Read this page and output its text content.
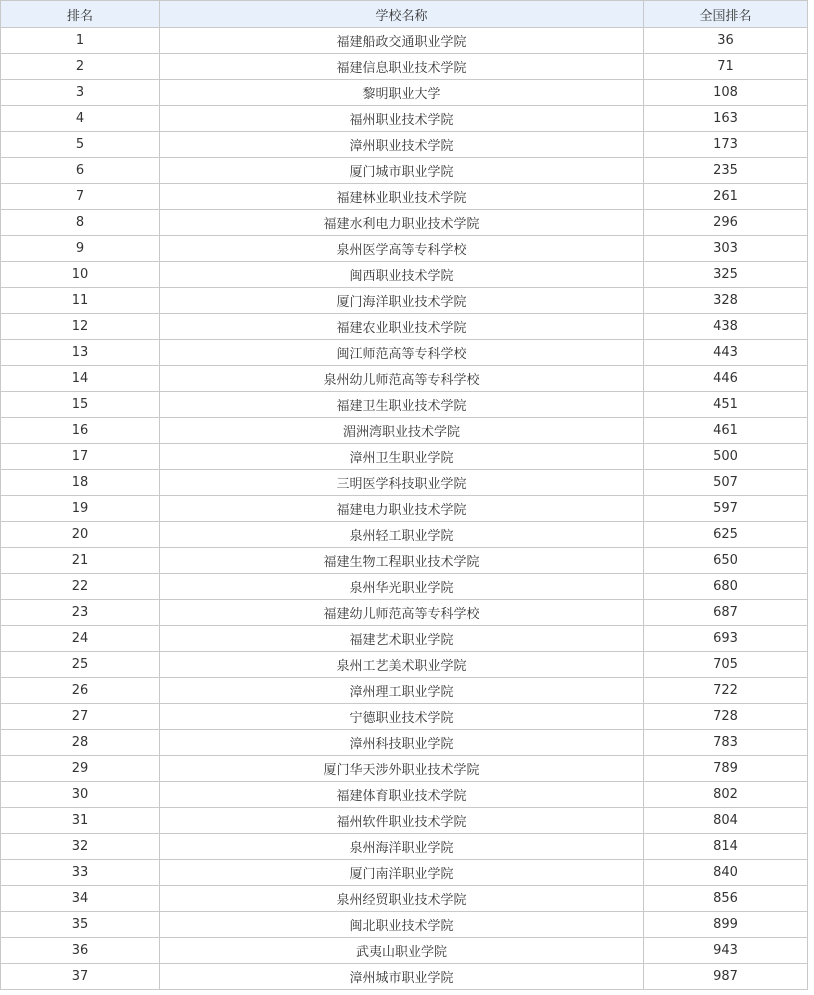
排名	学校名称	全国排名
1	福建船政交通职业学院	36
2	福建信息职业技术学院	71
3	黎明职业大学	108
4	福州职业技术学院	163
5	漳州职业技术学院	173
6	厦门城市职业学院	235
7	福建林业职业技术学院	261
8	福建水利电力职业技术学院	296
9	泉州医学高等专科学校	303
10	闽西职业技术学院	325
11	厦门海洋职业技术学院	328
12	福建农业职业技术学院	438
13	闽江师范高等专科学校	443
14	泉州幼儿师范高等专科学校	446
15	福建卫生职业技术学院	451
16	湄洲湾职业技术学院	461
17	漳州卫生职业学院	500
18	三明医学科技职业学院	507
19	福建电力职业技术学院	597
20	泉州轻工职业学院	625
21	福建生物工程职业技术学院	650
22	泉州华光职业学院	680
23	福建幼儿师范高等专科学校	687
24	福建艺术职业学院	693
25	泉州工艺美术职业学院	705
26	漳州理工职业学院	722
27	宁德职业技术学院	728
28	漳州科技职业学院	783
29	厦门华天涉外职业技术学院	789
30	福建体育职业技术学院	802
31	福州软件职业技术学院	804
32	泉州海洋职业学院	814
33	厦门南洋职业学院	840
34	泉州经贸职业技术学院	856
35	闽北职业技术学院	899
36	武夷山职业学院	943
37	漳州城市职业学院	987
